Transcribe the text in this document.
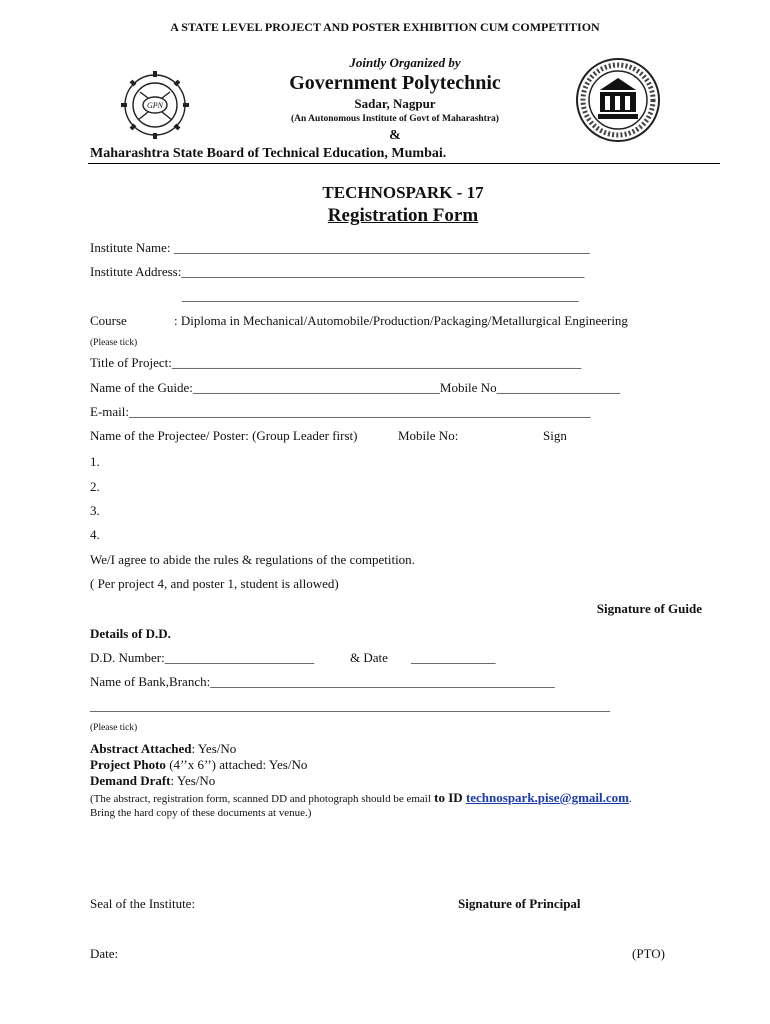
A STATE LEVEL PROJECT AND POSTER EXHIBITION CUM COMPETITION
Jointly Organized by
Government Polytechnic
Sadar, Nagpur
(An Autonomous Institute of Govt of Maharashtra)
&
Maharashtra State Board of Technical Education, Mumbai.
GPN
TECHNOSPARK - 17
Registration Form
Institute Name: ________________________________________________________________
Institute Address:______________________________________________________________
_____________________________________________________________
Course	: Diploma in Mechanical/Automobile/Production/Packaging/Metallurgical Engineering
(Please tick)
Title of Project:_______________________________________________________________
Name of the Guide:______________________________________Mobile No___________________
E-mail:_______________________________________________________________________
Name of the Projectee/ Poster: (Group Leader first)	Mobile No:	Sign
1.
2.
3.
4.
We/I agree to abide the rules & regulations of the competition.
( Per project 4, and poster 1, student is allowed)
Signature of Guide
Details of D.D.
D.D. Number:_______________________	& Date _____________
Name of Bank,Branch:_____________________________________________________
________________________________________________________________________________
(Please tick)
Abstract Attached: Yes/No
Project Photo (4’’x 6’’) attached: Yes/No
Demand Draft: Yes/No
(The abstract, registration form, scanned DD and photograph should be email to ID technospark.pise@gmail.com.
Bring the hard copy of these documents at venue.)
Seal of the Institute:	Signature of Principal
Date:	(PTO)
